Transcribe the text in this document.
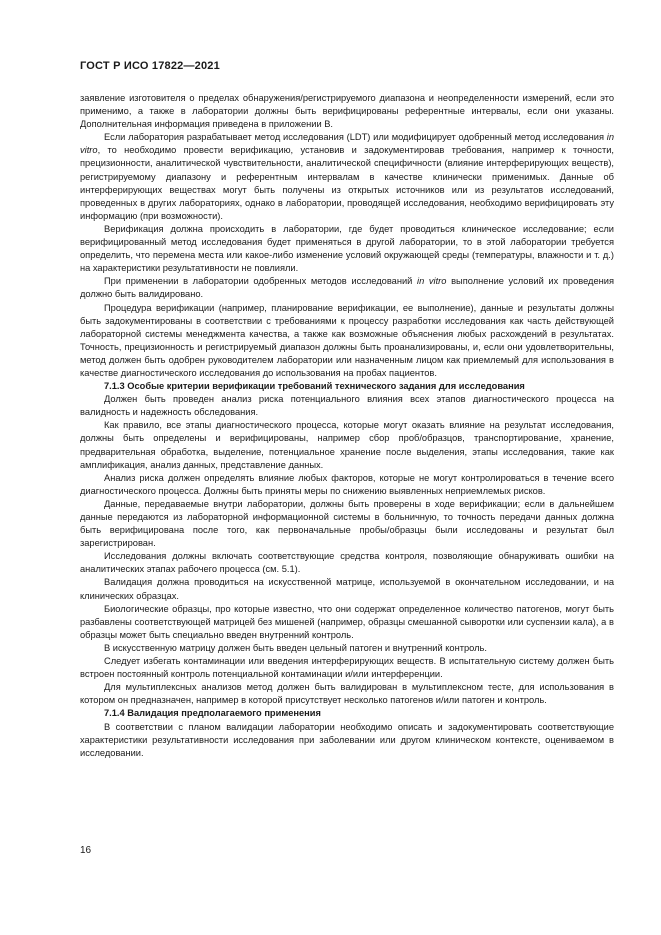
ГОСТ Р ИСО 17822—2021

заявление изготовителя о пределах обнаружения/регистрируемого диапазона и неопределенности измерений, если это применимо, а также в лаборатории должны быть верифицированы референтные интервалы, если они указаны. Дополнительная информация приведена в приложении В.

Если лаборатория разрабатывает метод исследования (LDT) или модифицирует одобренный метод исследования in vitro, то необходимо провести верификацию, установив и задокументировав требования, например к точности, прецизионности, аналитической чувствительности, аналитической специфичности (влияние интерферирующих веществ), регистрируемому диапазону и референтным интервалам в качестве клинически применимых. Данные об интерферирующих веществах могут быть получены из открытых источников или из результатов исследований, проведенных в других лабораториях, однако в лаборатории, проводящей исследования, необходимо верифицировать эту информацию (при возможности).

Верификация должна происходить в лаборатории, где будет проводиться клиническое исследование; если верифицированный метод исследования будет применяться в другой лаборатории, то в этой лаборатории требуется определить, что перемена места или какое-либо изменение условий окружающей среды (температуры, влажности и т. д.) на характеристики результативности не повлияли.

При применении в лаборатории одобренных методов исследований in vitro выполнение условий их проведения должно быть валидировано.

Процедура верификации (например, планирование верификации, ее выполнение), данные и результаты должны быть задокументированы в соответствии с требованиями к процессу разработки исследования как часть действующей лабораторной системы менеджмента качества, а также как возможные объяснения любых расхождений в результатах. Точность, прецизионность и регистрируемый диапазон должны быть проанализированы, и, если они удовлетворительны, метод должен быть одобрен руководителем лаборатории или назначенным лицом как приемлемый для использования в качестве диагностического исследования до использования на пробах пациентов.

7.1.3 Особые критерии верификации требований технического задания для исследования

Должен быть проведен анализ риска потенциального влияния всех этапов диагностического процесса на валидность и надежность обследования.

Как правило, все этапы диагностического процесса, которые могут оказать влияние на результат исследования, должны быть определены и верифицированы, например сбор проб/образцов, транспортирование, хранение, предварительная обработка, выделение, потенциальное хранение после выделения, этапы исследования, такие как амплификация, анализ данных, представление данных.

Анализ риска должен определять влияние любых факторов, которые не могут контролироваться в течение всего диагностического процесса. Должны быть приняты меры по снижению выявленных неприемлемых рисков.

Данные, передаваемые внутри лаборатории, должны быть проверены в ходе верификации; если в дальнейшем данные передаются из лабораторной информационной системы в больничную, то точность передачи данных должна быть верифицирована после того, как первоначальные пробы/образцы были исследованы и результат был зарегистрирован.

Исследования должны включать соответствующие средства контроля, позволяющие обнаруживать ошибки на аналитических этапах рабочего процесса (см. 5.1).

Валидация должна проводиться на искусственной матрице, используемой в окончательном исследовании, и на клинических образцах.

Биологические образцы, про которые известно, что они содержат определенное количество патогенов, могут быть разбавлены соответствующей матрицей без мишеней (например, образцы смешанной сыворотки или суспензии кала), а в образцы может быть специально введен внутренний контроль.

В искусственную матрицу должен быть введен цельный патоген и внутренний контроль.

Следует избегать контаминации или введения интерферирующих веществ. В испытательную систему должен быть встроен постоянный контроль потенциальной контаминации и/или интерференции.

Для мультиплексных анализов метод должен быть валидирован в мультиплексном тесте, для использования в котором он предназначен, например в которой присутствует несколько патогенов и/или патоген и контроль.

7.1.4 Валидация предполагаемого применения

В соответствии с планом валидации лаборатории необходимо описать и задокументировать соответствующие характеристики результативности исследования при заболевании или другом клиническом контексте, оцениваемом в исследовании.

16
